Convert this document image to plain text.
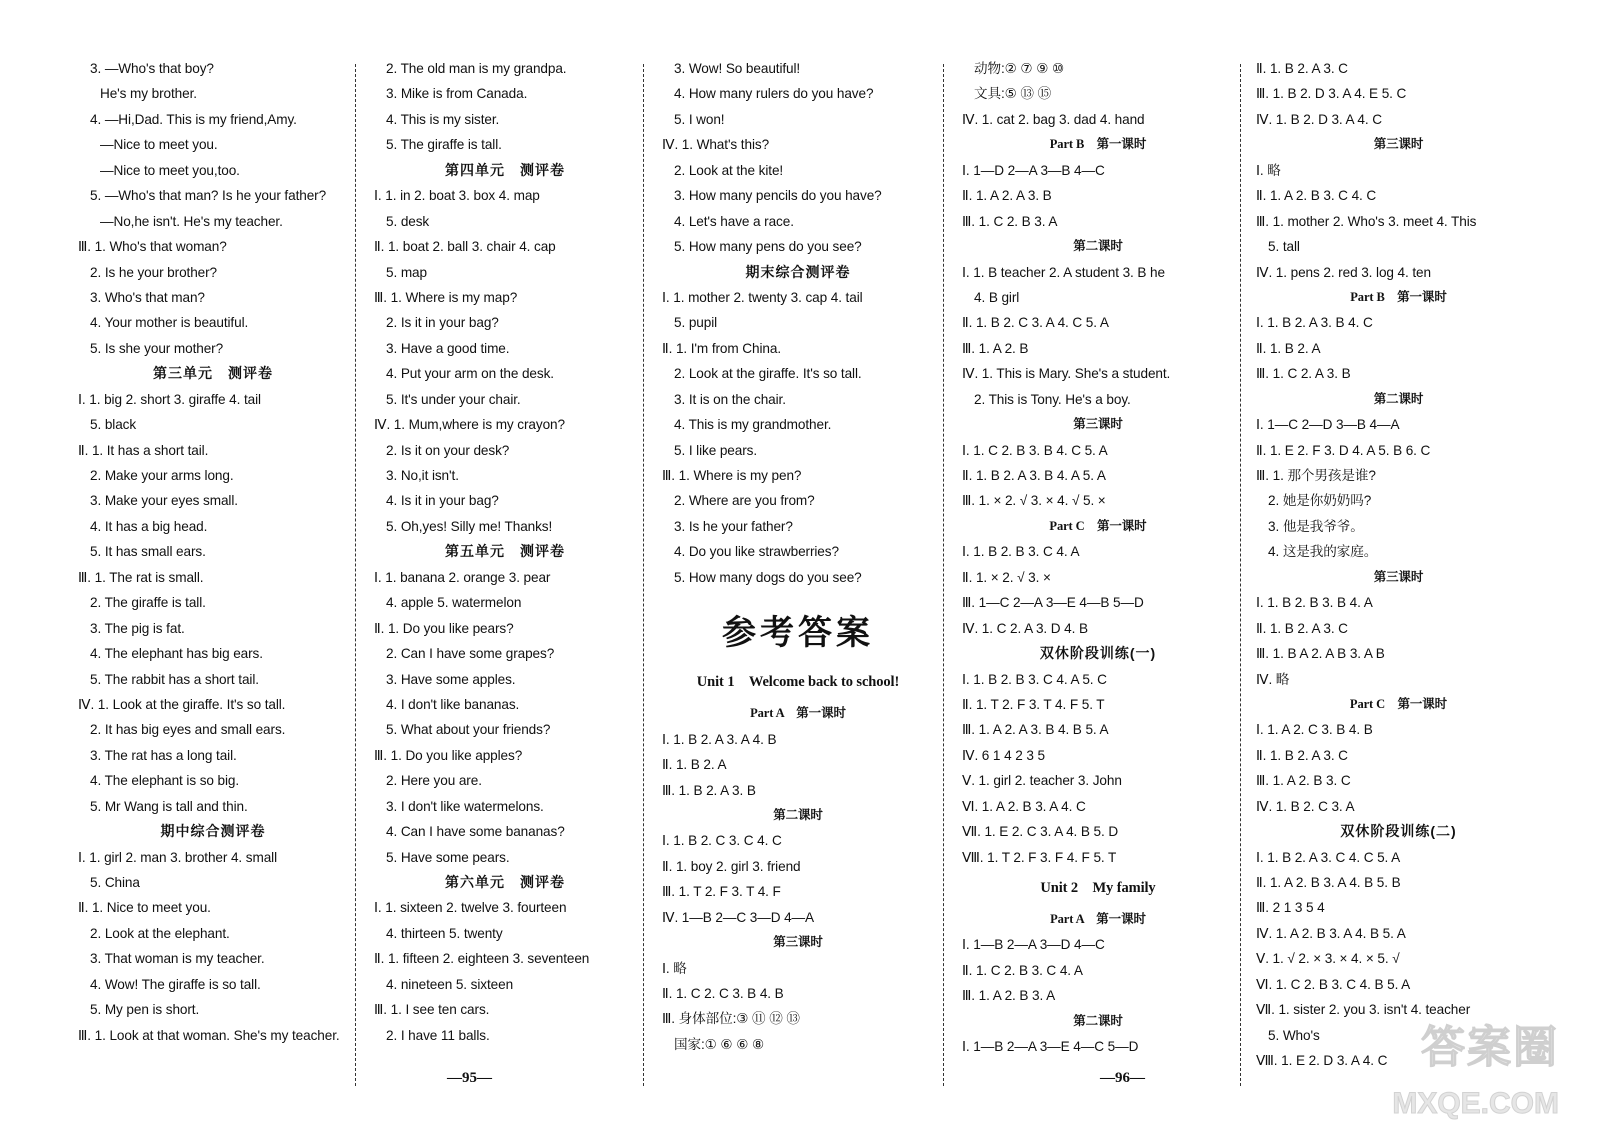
3. —Who's that boy?
He's my brother.
4. —Hi,Dad. This is my friend,Amy.
—Nice to meet you.
—Nice to meet you,too.
5. —Who's that man? Is he your father?
—No,he isn't. He's my teacher.
Ⅲ. 1. Who's that woman?
2. Is he your brother?
3. Who's that man?
4. Your mother is beautiful.
5. Is she your mother?
第三单元　测评卷
Ⅰ. 1. big 2. short 3. giraffe 4. tail
5. black
Ⅱ. 1. It has a short tail.
2. Make your arms long.
3. Make your eyes small.
4. It has a big head.
5. It has small ears.
Ⅲ. 1. The rat is small.
2. The giraffe is tall.
3. The pig is fat.
4. The elephant has big ears.
5. The rabbit has a short tail.
Ⅳ. 1. Look at the giraffe. It's so tall.
2. It has big eyes and small ears.
3. The rat has a long tail.
4. The elephant is so big.
5. Mr Wang is tall and thin.
期中综合测评卷
Ⅰ. 1. girl 2. man 3. brother 4. small
5. China
Ⅱ. 1. Nice to meet you.
2. Look at the elephant.
3. That woman is my teacher.
4. Wow! The giraffe is so tall.
5. My pen is short.
Ⅲ. 1. Look at that woman. She's my teacher.
2. The old man is my grandpa.
3. Mike is from Canada.
4. This is my sister.
5. The giraffe is tall.
第四单元　测评卷
Ⅰ. 1. in 2. boat 3. box 4. map
5. desk
Ⅱ. 1. boat 2. ball 3. chair 4. cap
5. map
Ⅲ. 1. Where is my map?
2. Is it in your bag?
3. Have a good time.
4. Put your arm on the desk.
5. It's under your chair.
Ⅳ. 1. Mum,where is my crayon?
2. Is it on your desk?
3. No,it isn't.
4. Is it in your bag?
5. Oh,yes! Silly me! Thanks!
第五单元　测评卷
Ⅰ. 1. banana 2. orange 3. pear
4. apple 5. watermelon
Ⅱ. 1. Do you like pears?
2. Can I have some grapes?
3. Have some apples.
4. I don't like bananas.
5. What about your friends?
Ⅲ. 1. Do you like apples?
2. Here you are.
3. I don't like watermelons.
4. Can I have some bananas?
5. Have some pears.
第六单元　测评卷
Ⅰ. 1. sixteen 2. twelve 3. fourteen
4. thirteen 5. twenty
Ⅱ. 1. fifteen 2. eighteen 3. seventeen
4. nineteen 5. sixteen
Ⅲ. 1. I see ten cars.
2. I have 11 balls.
3. Wow! So beautiful!
4. How many rulers do you have?
5. I won!
Ⅳ. 1. What's this?
2. Look at the kite!
3. How many pencils do you have?
4. Let's have a race.
5. How many pens do you see?
期末综合测评卷
Ⅰ. 1. mother 2. twenty 3. cap 4. tail
5. pupil
Ⅱ. 1. I'm from China.
2. Look at the giraffe. It's so tall.
3. It is on the chair.
4. This is my grandmother.
5. I like pears.
Ⅲ. 1. Where is my pen?
2. Where are you from?
3. Is he your father?
4. Do you like strawberries?
5. How many dogs do you see?
参考答案
Unit 1　Welcome back to school!
Part A　第一课时
Ⅰ. 1. B 2. A 3. A 4. B
Ⅱ. 1. B 2. A
Ⅲ. 1. B 2. A 3. B
第二课时
Ⅰ. 1. B 2. C 3. C 4. C
Ⅱ. 1. boy 2. girl 3. friend
Ⅲ. 1. T 2. F 3. T 4. F
Ⅳ. 1—B 2—C 3—D 4—A
第三课时
Ⅰ. 略
Ⅱ. 1. C 2. C 3. B 4. B
Ⅲ. 身体部位:③ ⑪ ⑫ ⑬
国家:① ⑥ ⑥ ⑧
动物:② ⑦ ⑨ ⑩
文具:⑤ ⑬ ⑮
Ⅳ. 1. cat 2. bag 3. dad 4. hand
Part B　第一课时
Ⅰ. 1—D 2—A 3—B 4—C
Ⅱ. 1. A 2. A 3. B
Ⅲ. 1. C 2. B 3. A
第二课时
Ⅰ. 1. B teacher 2. A student 3. B he
4. B girl
Ⅱ. 1. B 2. C 3. A 4. C 5. A
Ⅲ. 1. A 2. B
Ⅳ. 1. This is Mary. She's a student.
2. This is Tony. He's a boy.
第三课时
Ⅰ. 1. C 2. B 3. B 4. C 5. A
Ⅱ. 1. B 2. A 3. B 4. A 5. A
Ⅲ. 1. × 2. √ 3. × 4. √ 5. ×
Part C　第一课时
Ⅰ. 1. B 2. B 3. C 4. A
Ⅱ. 1. × 2. √ 3. ×
Ⅲ. 1—C 2—A 3—E 4—B 5—D
Ⅳ. 1. C 2. A 3. D 4. B
双休阶段训练(一)
Ⅰ. 1. B 2. B 3. C 4. A 5. C
Ⅱ. 1. T 2. F 3. T 4. F 5. T
Ⅲ. 1. A 2. A 3. B 4. B 5. A
Ⅳ. 6 1 4 2 3 5
Ⅴ. 1. girl 2. teacher 3. John
Ⅵ. 1. A 2. B 3. A 4. C
Ⅶ. 1. E 2. C 3. A 4. B 5. D
Ⅷ. 1. T 2. F 3. F 4. F 5. T
Unit 2　My family
Part A　第一课时
Ⅰ. 1—B 2—A 3—D 4—C
Ⅱ. 1. C 2. B 3. C 4. A
Ⅲ. 1. A 2. B 3. A
第二课时
Ⅰ. 1—B 2—A 3—E 4—C 5—D
Ⅱ. 1. B 2. A 3. C
Ⅲ. 1. B 2. D 3. A 4. E 5. C
Ⅳ. 1. B 2. D 3. A 4. C
第三课时
Ⅰ. 略
Ⅱ. 1. A 2. B 3. C 4. C
Ⅲ. 1. mother 2. Who's 3. meet 4. This
5. tall
Ⅳ. 1. pens 2. red 3. log 4. ten
Part B　第一课时
Ⅰ. 1. B 2. A 3. B 4. C
Ⅱ. 1. B 2. A
Ⅲ. 1. C 2. A 3. B
第二课时
Ⅰ. 1—C 2—D 3—B 4—A
Ⅱ. 1. E 2. F 3. D 4. A 5. B 6. C
Ⅲ. 1. 那个男孩是谁?
2. 她是你奶奶吗?
3. 他是我爷爷。
4. 这是我的家庭。
第三课时
Ⅰ. 1. B 2. B 3. B 4. A
Ⅱ. 1. B 2. A 3. C
Ⅲ. 1. B A 2. A B 3. A B
Ⅳ. 略
Part C　第一课时
Ⅰ. 1. A 2. C 3. B 4. B
Ⅱ. 1. B 2. A 3. C
Ⅲ. 1. A 2. B 3. C
Ⅳ. 1. B 2. C 3. A
双休阶段训练(二)
Ⅰ. 1. B 2. A 3. C 4. C 5. A
Ⅱ. 1. A 2. B 3. A 4. B 5. B
Ⅲ. 2 1 3 5 4
Ⅳ. 1. A 2. B 3. A 4. B 5. A
Ⅴ. 1. √ 2. × 3. × 4. × 5. √
Ⅵ. 1. C 2. B 3. C 4. B 5. A
Ⅶ. 1. sister 2. you 3. isn't 4. teacher
5. Who's
Ⅷ. 1. E 2. D 3. A 4. C
—95—	—96—
答案圈
MXQE.COM
